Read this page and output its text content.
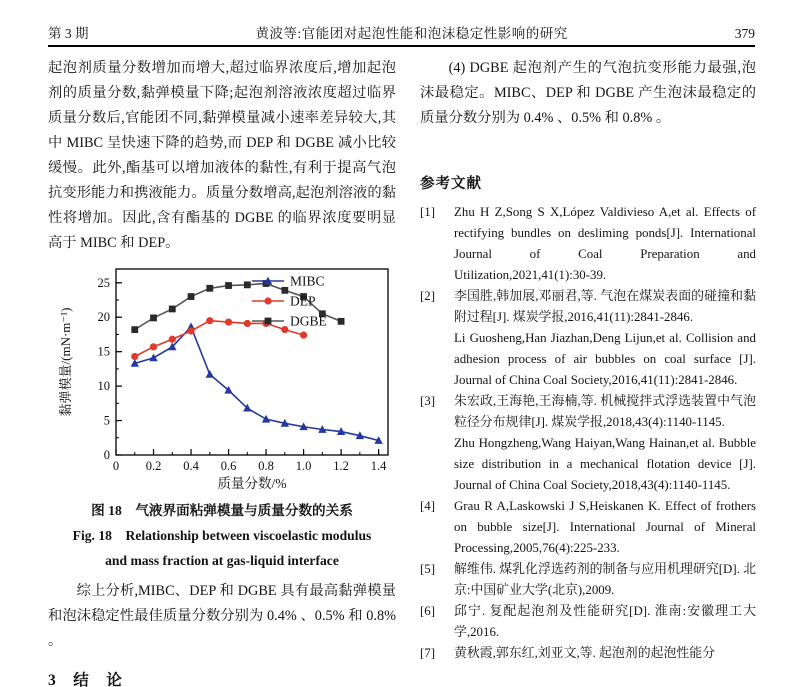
第 3 期	黄波等:官能团对起泡性能和泡沫稳定性影响的研究	379

起泡剂质量分数增加而增大,超过临界浓度后,增加起泡剂的质量分数,黏弹模量下降;起泡剂溶液浓度超过临界质量分数后,官能团不同,黏弹模量减小速率差异较大,其中 MIBC 呈快速下降的趋势,而 DEP 和 DGBE 减小比较缓慢。此外,酯基可以增加液体的黏性,有利于提高气泡抗变形能力和携液能力。质量分数增高,起泡剂溶液的黏性将增加。因此,含有酯基的 DGBE 的临界浓度要明显高于 MIBC 和 DEP。

0 0.2 0.4 0.6 0.8 1.0 1.2 1.4
0
5
10
15
20
25
质量分数/%
黏弹模量/(mN·m⁻¹)
MIBC
DEP
DGBE

图 18　气液界面粘弹模量与质量分数的关系

Fig. 18　Relationship between viscoelastic modulus

and mass fraction at gas-liquid interface

综上分析,MIBC、DEP 和 DGBE 具有最高黏弹模量和泡沫稳定性最佳质量分数分别为 0.4% 、0.5% 和 0.8% 。

3　结　论

(4) DGBE 起泡剂产生的气泡抗变形能力最强,泡沫最稳定。MIBC、DEP 和 DGBE 产生泡沫最稳定的质量分数分别为 0.4% 、0.5% 和 0.8% 。

参考文献
[1]	Zhu H Z,Song S X,López Valdivieso A,et al. Effects of rectifying bundles on desliming ponds[J]. International Journal of Coal Preparation and Utilization,2021,41(1):30-39.
[2]	李国胜,韩加展,邓丽君,等. 气泡在煤炭表面的碰撞和黏附过程[J]. 煤炭学报,2016,41(11):2841-2846.
Li Guosheng,Han Jiazhan,Deng Lijun,et al. Collision and adhesion process of air bubbles on coal surface [J]. Journal of China Coal Society,2016,41(11):2841-2846.
[3]	朱宏政,王海艳,王海楠,等. 机械搅拌式浮选装置中气泡粒径分布规律[J]. 煤炭学报,2018,43(4):1140-1145.
Zhu Hongzheng,Wang Haiyan,Wang Hainan,et al. Bubble size distribution in a mechanical flotation device [J]. Journal of China Coal Society,2018,43(4):1140-1145.
[4]	Grau R A,Laskowski J S,Heiskanen K. Effect of frothers on bubble size[J]. International Journal of Mineral Processing,2005,76(4):225-233.
[5]	解维伟. 煤乳化浮选药剂的制备与应用机理研究[D]. 北京:中国矿业大学(北京),2009.
[6]	邱宁. 复配起泡剂及性能研究[D]. 淮南:安徽理工大学,2016.
[7]	黄秋霞,郭东红,刘亚文,等. 起泡剂的起泡性能分
